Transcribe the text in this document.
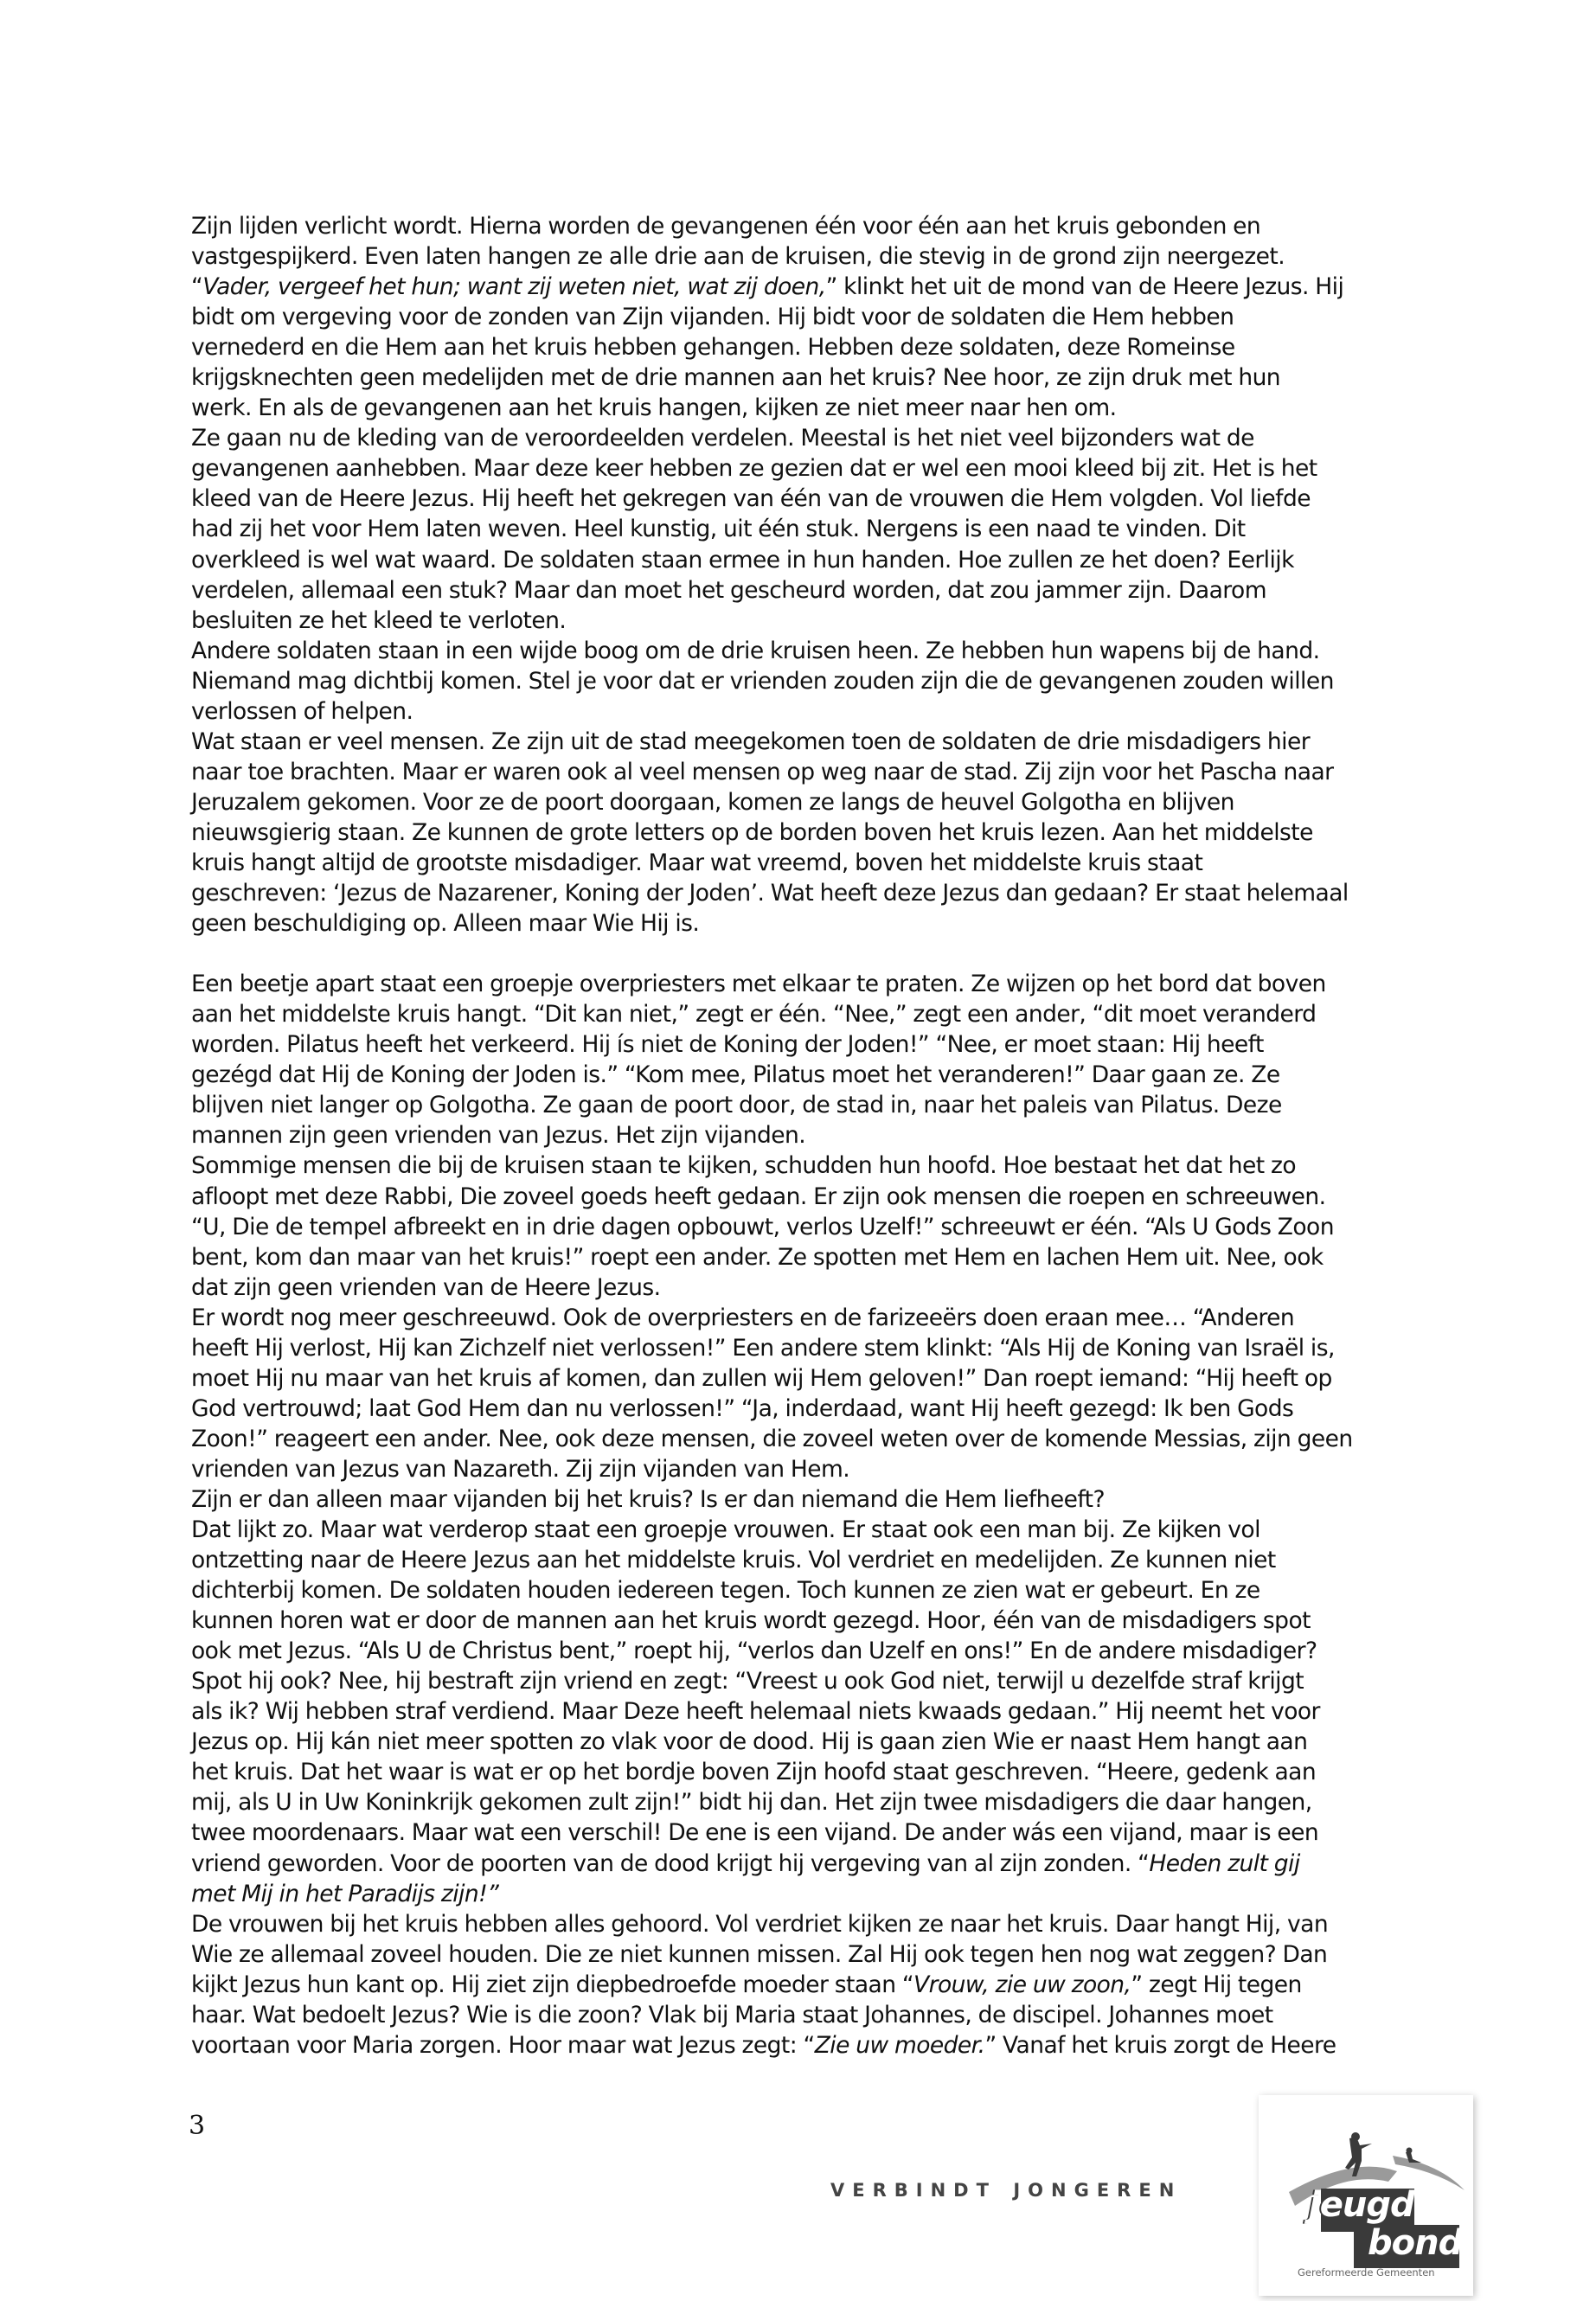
Zijn lijden verlicht wordt. Hierna worden de gevangenen één voor één aan het kruis gebonden en
vastgespijkerd. Even laten hangen ze alle drie aan de kruisen, die stevig in de grond zijn neergezet.
“Vader, vergeef het hun; want zij weten niet, wat zij doen,” klinkt het uit de mond van de Heere Jezus. Hij
bidt om vergeving voor de zonden van Zijn vijanden. Hij bidt voor de soldaten die Hem hebben
vernederd en die Hem aan het kruis hebben gehangen. Hebben deze soldaten, deze Romeinse
krijgsknechten geen medelijden met de drie mannen aan het kruis? Nee hoor, ze zijn druk met hun
werk. En als de gevangenen aan het kruis hangen, kijken ze niet meer naar hen om.
Ze gaan nu de kleding van de veroordeelden verdelen. Meestal is het niet veel bijzonders wat de
gevangenen aanhebben. Maar deze keer hebben ze gezien dat er wel een mooi kleed bij zit. Het is het
kleed van de Heere Jezus. Hij heeft het gekregen van één van de vrouwen die Hem volgden. Vol liefde
had zij het voor Hem laten weven. Heel kunstig, uit één stuk. Nergens is een naad te vinden. Dit
overkleed is wel wat waard. De soldaten staan ermee in hun handen. Hoe zullen ze het doen? Eerlijk
verdelen, allemaal een stuk? Maar dan moet het gescheurd worden, dat zou jammer zijn. Daarom
besluiten ze het kleed te verloten.
Andere soldaten staan in een wijde boog om de drie kruisen heen. Ze hebben hun wapens bij de hand.
Niemand mag dichtbij komen. Stel je voor dat er vrienden zouden zijn die de gevangenen zouden willen
verlossen of helpen.
Wat staan er veel mensen. Ze zijn uit de stad meegekomen toen de soldaten de drie misdadigers hier
naar toe brachten. Maar er waren ook al veel mensen op weg naar de stad. Zij zijn voor het Pascha naar
Jeruzalem gekomen. Voor ze de poort doorgaan, komen ze langs de heuvel Golgotha en blijven
nieuwsgierig staan. Ze kunnen de grote letters op de borden boven het kruis lezen. Aan het middelste
kruis hangt altijd de grootste misdadiger. Maar wat vreemd, boven het middelste kruis staat
geschreven: ‘Jezus de Nazarener, Koning der Joden’. Wat heeft deze Jezus dan gedaan? Er staat helemaal
geen beschuldiging op. Alleen maar Wie Hij is.
Een beetje apart staat een groepje overpriesters met elkaar te praten. Ze wijzen op het bord dat boven
aan het middelste kruis hangt. “Dit kan niet,” zegt er één. “Nee,” zegt een ander, “dit moet veranderd
worden. Pilatus heeft het verkeerd. Hij ís niet de Koning der Joden!” “Nee, er moet staan: Hij heeft
gezégd dat Hij de Koning der Joden is.” “Kom mee, Pilatus moet het veranderen!” Daar gaan ze. Ze
blijven niet langer op Golgotha. Ze gaan de poort door, de stad in, naar het paleis van Pilatus. Deze
mannen zijn geen vrienden van Jezus. Het zijn vijanden.
Sommige mensen die bij de kruisen staan te kijken, schudden hun hoofd. Hoe bestaat het dat het zo
afloopt met deze Rabbi, Die zoveel goeds heeft gedaan. Er zijn ook mensen die roepen en schreeuwen.
“U, Die de tempel afbreekt en in drie dagen opbouwt, verlos Uzelf!” schreeuwt er één. “Als U Gods Zoon
bent, kom dan maar van het kruis!” roept een ander. Ze spotten met Hem en lachen Hem uit. Nee, ook
dat zijn geen vrienden van de Heere Jezus.
Er wordt nog meer geschreeuwd. Ook de overpriesters en de farizeeërs doen eraan mee… “Anderen
heeft Hij verlost, Hij kan Zichzelf niet verlossen!” Een andere stem klinkt: “Als Hij de Koning van Israël is,
moet Hij nu maar van het kruis af komen, dan zullen wij Hem geloven!” Dan roept iemand: “Hij heeft op
God vertrouwd; laat God Hem dan nu verlossen!” “Ja, inderdaad, want Hij heeft gezegd: Ik ben Gods
Zoon!” reageert een ander. Nee, ook deze mensen, die zoveel weten over de komende Messias, zijn geen
vrienden van Jezus van Nazareth. Zij zijn vijanden van Hem.
Zijn er dan alleen maar vijanden bij het kruis? Is er dan niemand die Hem liefheeft?
Dat lijkt zo. Maar wat verderop staat een groepje vrouwen. Er staat ook een man bij. Ze kijken vol
ontzetting naar de Heere Jezus aan het middelste kruis. Vol verdriet en medelijden. Ze kunnen niet
dichterbij komen. De soldaten houden iedereen tegen. Toch kunnen ze zien wat er gebeurt. En ze
kunnen horen wat er door de mannen aan het kruis wordt gezegd. Hoor, één van de misdadigers spot
ook met Jezus. “Als U de Christus bent,” roept hij, “verlos dan Uzelf en ons!” En de andere misdadiger?
Spot hij ook? Nee, hij bestraft zijn vriend en zegt: “Vreest u ook God niet, terwijl u dezelfde straf krijgt
als ik? Wij hebben straf verdiend. Maar Deze heeft helemaal niets kwaads gedaan.” Hij neemt het voor
Jezus op. Hij kán niet meer spotten zo vlak voor de dood. Hij is gaan zien Wie er naast Hem hangt aan
het kruis. Dat het waar is wat er op het bordje boven Zijn hoofd staat geschreven. “Heere, gedenk aan
mij, als U in Uw Koninkrijk gekomen zult zijn!” bidt hij dan. Het zijn twee misdadigers die daar hangen,
twee moordenaars. Maar wat een verschil! De ene is een vijand. De ander wás een vijand, maar is een
vriend geworden. Voor de poorten van de dood krijgt hij vergeving van al zijn zonden. “Heden zult gij
met Mij in het Paradijs zijn!”
De vrouwen bij het kruis hebben alles gehoord. Vol verdriet kijken ze naar het kruis. Daar hangt Hij, van
Wie ze allemaal zoveel houden. Die ze niet kunnen missen. Zal Hij ook tegen hen nog wat zeggen? Dan
kijkt Jezus hun kant op. Hij ziet zijn diepbedroefde moeder staan “Vrouw, zie uw zoon,” zegt Hij tegen
haar. Wat bedoelt Jezus? Wie is die zoon? Vlak bij Maria staat Johannes, de discipel. Johannes moet
voortaan voor Maria zorgen. Hoor maar wat Jezus zegt: “Zie uw moeder.” Vanaf het kruis zorgt de Heere
3
verbindt jongeren	jeugd
bond
Gereformeerde Gemeenten
